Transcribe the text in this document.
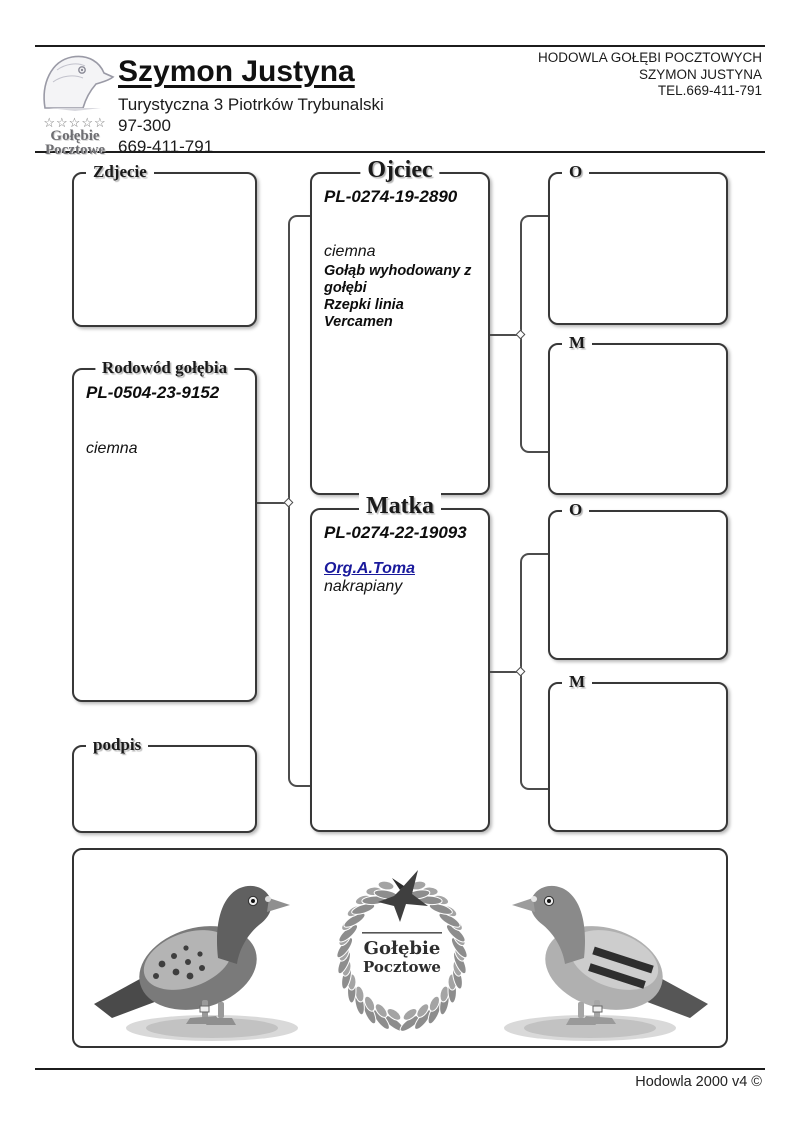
☆☆☆☆☆
Gołębie
Pocztowe
Szymon Justyna
Turystyczna 3 Piotrków Trybunalski
97-300
669-411-791
HODOWLA GOŁĘBI POCZTOWYCH
SZYMON JUSTYNA
TEL.669-411-791
Zdjecie
Rodowód gołębia
PL-0504-23-9152
ciemna
podpis
Ojciec
PL-0274-19-2890
ciemna
Gołąb wyhodowany z gołębi
Rzepki linia Vercamen
Matka
PL-0274-22-19093
Org.A.Toma
nakrapiany
O
M
O
M
Gołębie
Pocztowe
Hodowla 2000 v4 ©
